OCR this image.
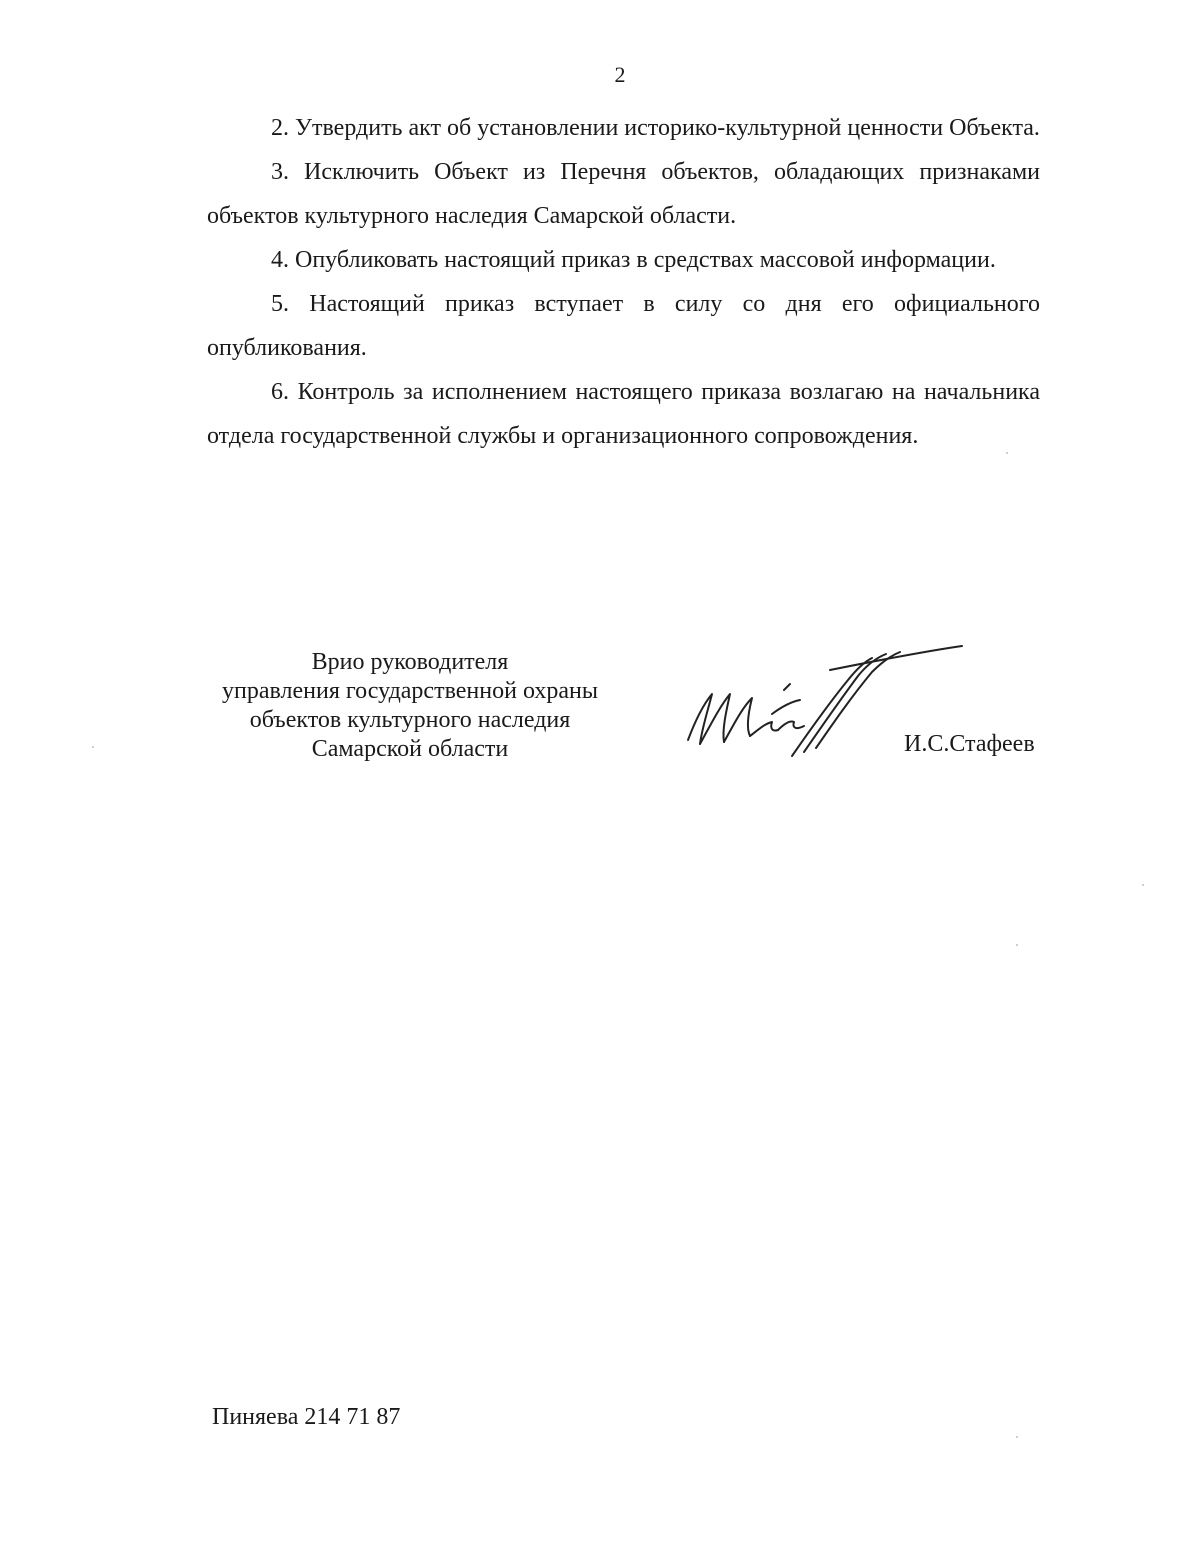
2

2. Утвердить акт об установлении историко-культурной ценности Объекта.

3. Исключить Объект из Перечня объектов, обладающих признаками объектов культурного наследия Самарской области.

4. Опубликовать настоящий приказ в средствах массовой информации.

5. Настоящий приказ вступает в силу со дня его официального опубликования.

6. Контроль за исполнением настоящего приказа возлагаю на начальника отдела государственной службы и организационного сопровождения.

Врио руководителя
управления государственной охраны
объектов культурного наследия
Самарской области	И.С.Стафеев
Пиняева 214 71 87
